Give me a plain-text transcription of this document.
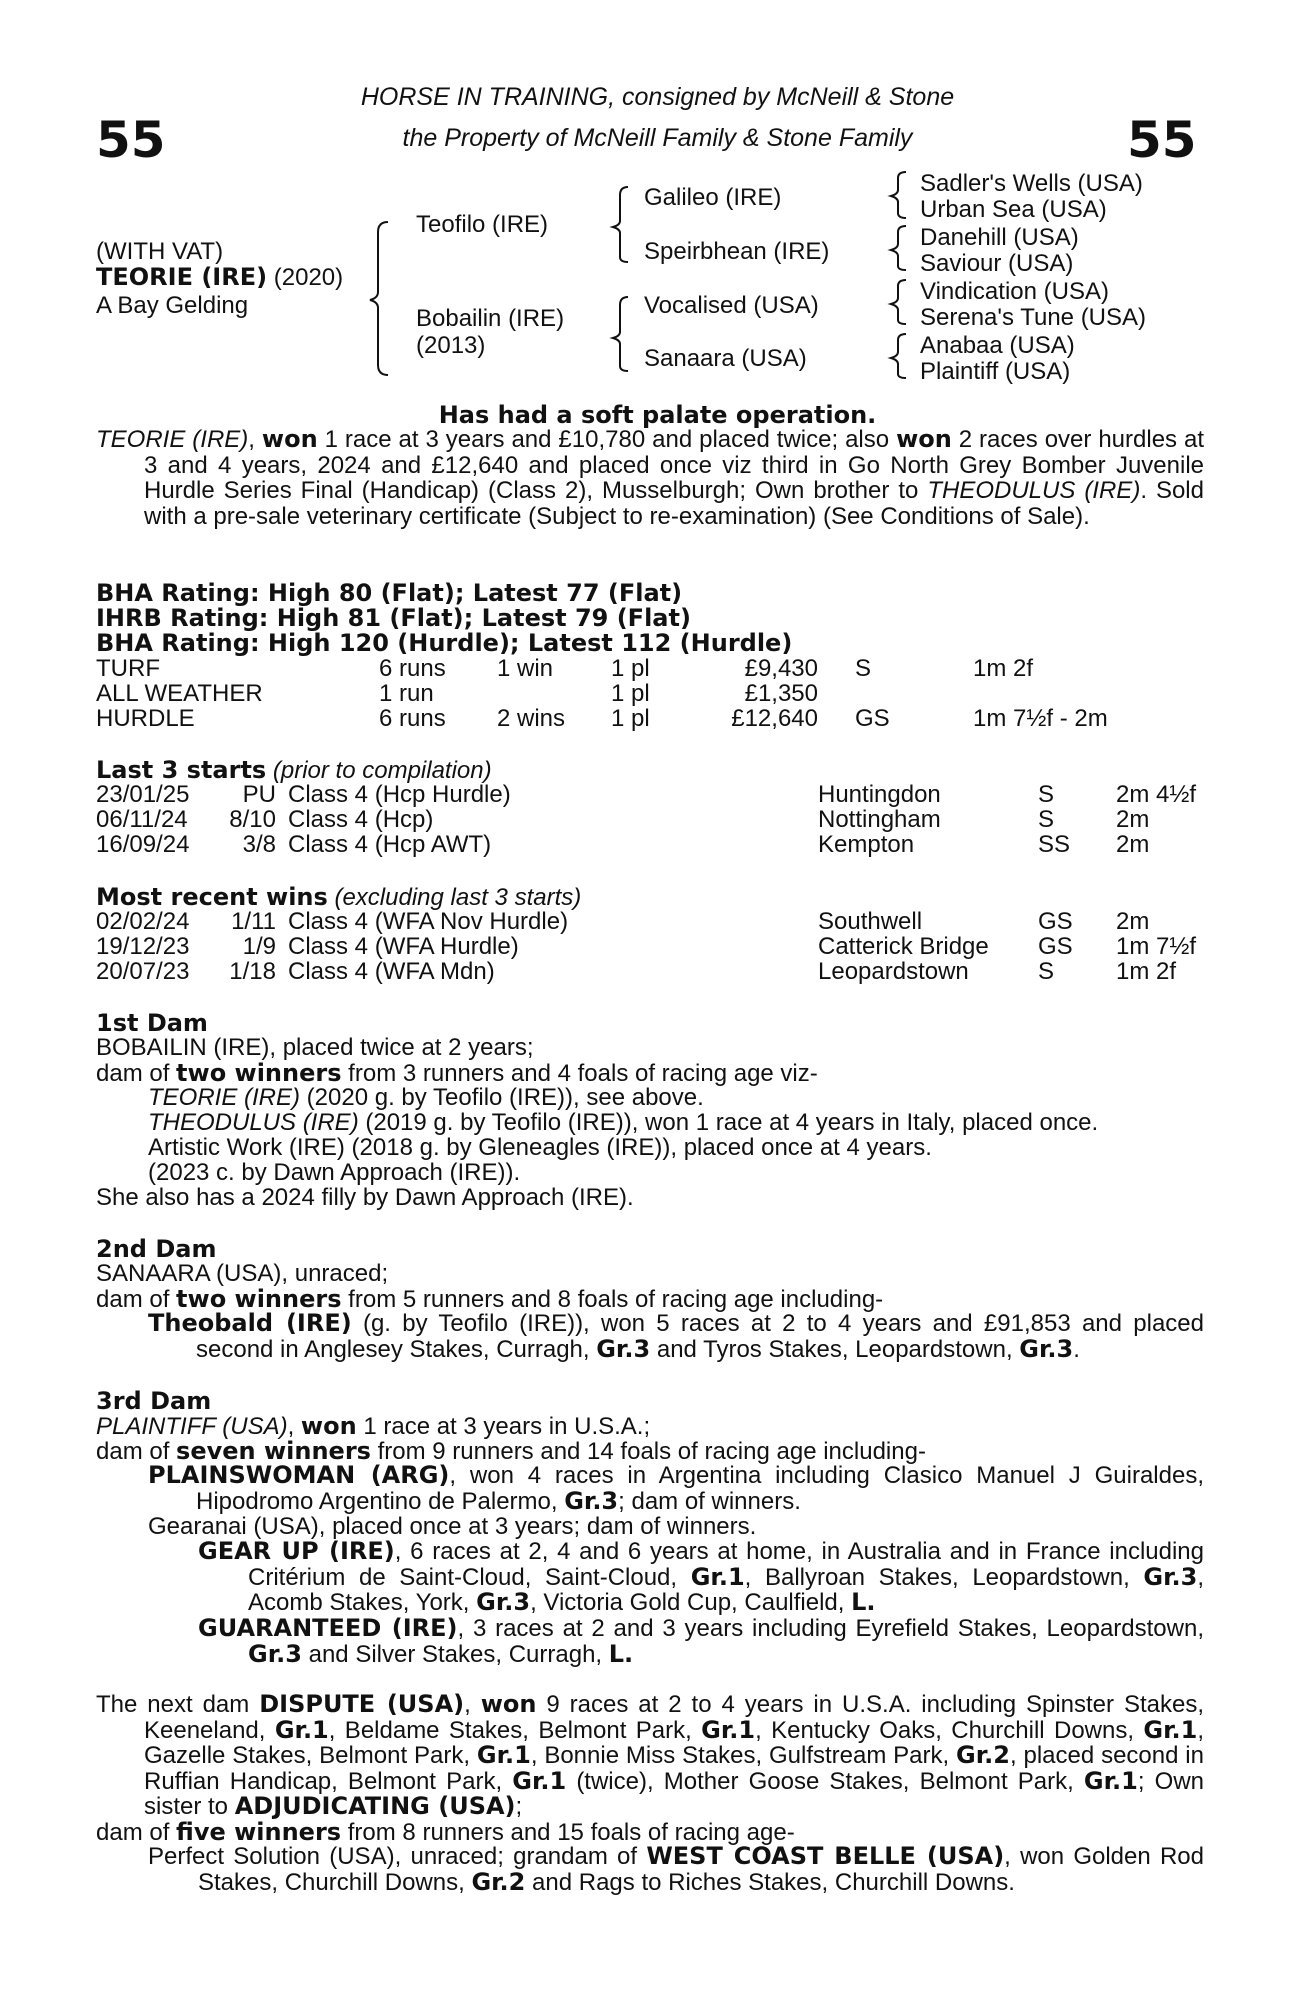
55	55
HORSE IN TRAINING, consigned by McNeill & Stone
the Property of McNeill Family & Stone Family
(WITH VAT)
TEORIE (IRE) (2020)
A Bay Gelding
Teofilo (IRE)
Bobailin (IRE)
(2013)
Galileo (IRE)
Speirbhean (IRE)
Vocalised (USA)
Sanaara (USA)
Sadler's Wells (USA)
Urban Sea (USA)
Danehill (USA)
Saviour (USA)
Vindication (USA)
Serena's Tune (USA)
Anabaa (USA)
Plaintiff (USA)
Has had a soft palate operation.
TEORIE (IRE), won 1 race at 3 years and £10,780 and placed twice; also won 2 races over hurdles at 3 and 4 years, 2024 and £12,640 and placed once viz third in Go North Grey Bomber Juvenile Hurdle Series Final (Handicap) (Class 2), Musselburgh; Own brother to THEODULUS (IRE). Sold with a pre-sale veterinary certificate (Subject to re-examination) (See Conditions of Sale).
BHA Rating: High 80 (Flat); Latest 77 (Flat)
IHRB Rating: High 81 (Flat); Latest 79 (Flat)
BHA Rating: High 120 (Hurdle); Latest 112 (Hurdle)
TURF	6 runs 1 win 1 pl	£9,430 S	1m 2f
ALL WEATHER	1 run	1 pl	£1,350
HURDLE	6 runs 2 wins 1 pl	£12,640 GS	1m 7½f - 2m
Last 3 starts (prior to compilation)
23/01/25	PU Class 4 (Hcp Hurdle)	Huntingdon	S	2m 4½f
06/11/24	8/10 Class 4 (Hcp)	Nottingham	S	2m
16/09/24	3/8 Class 4 (Hcp AWT)	Kempton	SS 2m
Most recent wins (excluding last 3 starts)
02/02/24	1/11 Class 4 (WFA Nov Hurdle)	Southwell	GS 2m
19/12/23	1/9 Class 4 (WFA Hurdle)	Catterick Bridge GS 1m 7½f
20/07/23	1/18 Class 4 (WFA Mdn)	Leopardstown	S	1m 2f
1st Dam
BOBAILIN (IRE), placed twice at 2 years;
dam of two winners from 3 runners and 4 foals of racing age viz-
TEORIE (IRE) (2020 g. by Teofilo (IRE)), see above.
THEODULUS (IRE) (2019 g. by Teofilo (IRE)), won 1 race at 4 years in Italy, placed once.
Artistic Work (IRE) (2018 g. by Gleneagles (IRE)), placed once at 4 years.
(2023 c. by Dawn Approach (IRE)).
She also has a 2024 filly by Dawn Approach (IRE).
2nd Dam
SANAARA (USA), unraced;
dam of two winners from 5 runners and 8 foals of racing age including-
Theobald (IRE) (g. by Teofilo (IRE)), won 5 races at 2 to 4 years and £91,853 and placed second in Anglesey Stakes, Curragh, Gr.3 and Tyros Stakes, Leopardstown, Gr.3.
3rd Dam
PLAINTIFF (USA), won 1 race at 3 years in U.S.A.;
dam of seven winners from 9 runners and 14 foals of racing age including-
PLAINSWOMAN (ARG), won 4 races in Argentina including Clasico Manuel J Guiraldes, Hipodromo Argentino de Palermo, Gr.3; dam of winners.
Gearanai (USA), placed once at 3 years; dam of winners.
GEAR UP (IRE), 6 races at 2, 4 and 6 years at home, in Australia and in France including Critérium de Saint-Cloud, Saint-Cloud, Gr.1, Ballyroan Stakes, Leopardstown, Gr.3, Acomb Stakes, York, Gr.3, Victoria Gold Cup, Caulfield, L.
GUARANTEED (IRE), 3 races at 2 and 3 years including Eyrefield Stakes, Leopardstown, Gr.3 and Silver Stakes, Curragh, L.
The next dam DISPUTE (USA), won 9 races at 2 to 4 years in U.S.A. including Spinster Stakes, Keeneland, Gr.1, Beldame Stakes, Belmont Park, Gr.1, Kentucky Oaks, Churchill Downs, Gr.1, Gazelle Stakes, Belmont Park, Gr.1, Bonnie Miss Stakes, Gulfstream Park, Gr.2, placed second in Ruffian Handicap, Belmont Park, Gr.1 (twice), Mother Goose Stakes, Belmont Park, Gr.1; Own sister to ADJUDICATING (USA);
dam of five winners from 8 runners and 15 foals of racing age-
Perfect Solution (USA), unraced; grandam of WEST COAST BELLE (USA), won Golden Rod Stakes, Churchill Downs, Gr.2 and Rags to Riches Stakes, Churchill Downs.
